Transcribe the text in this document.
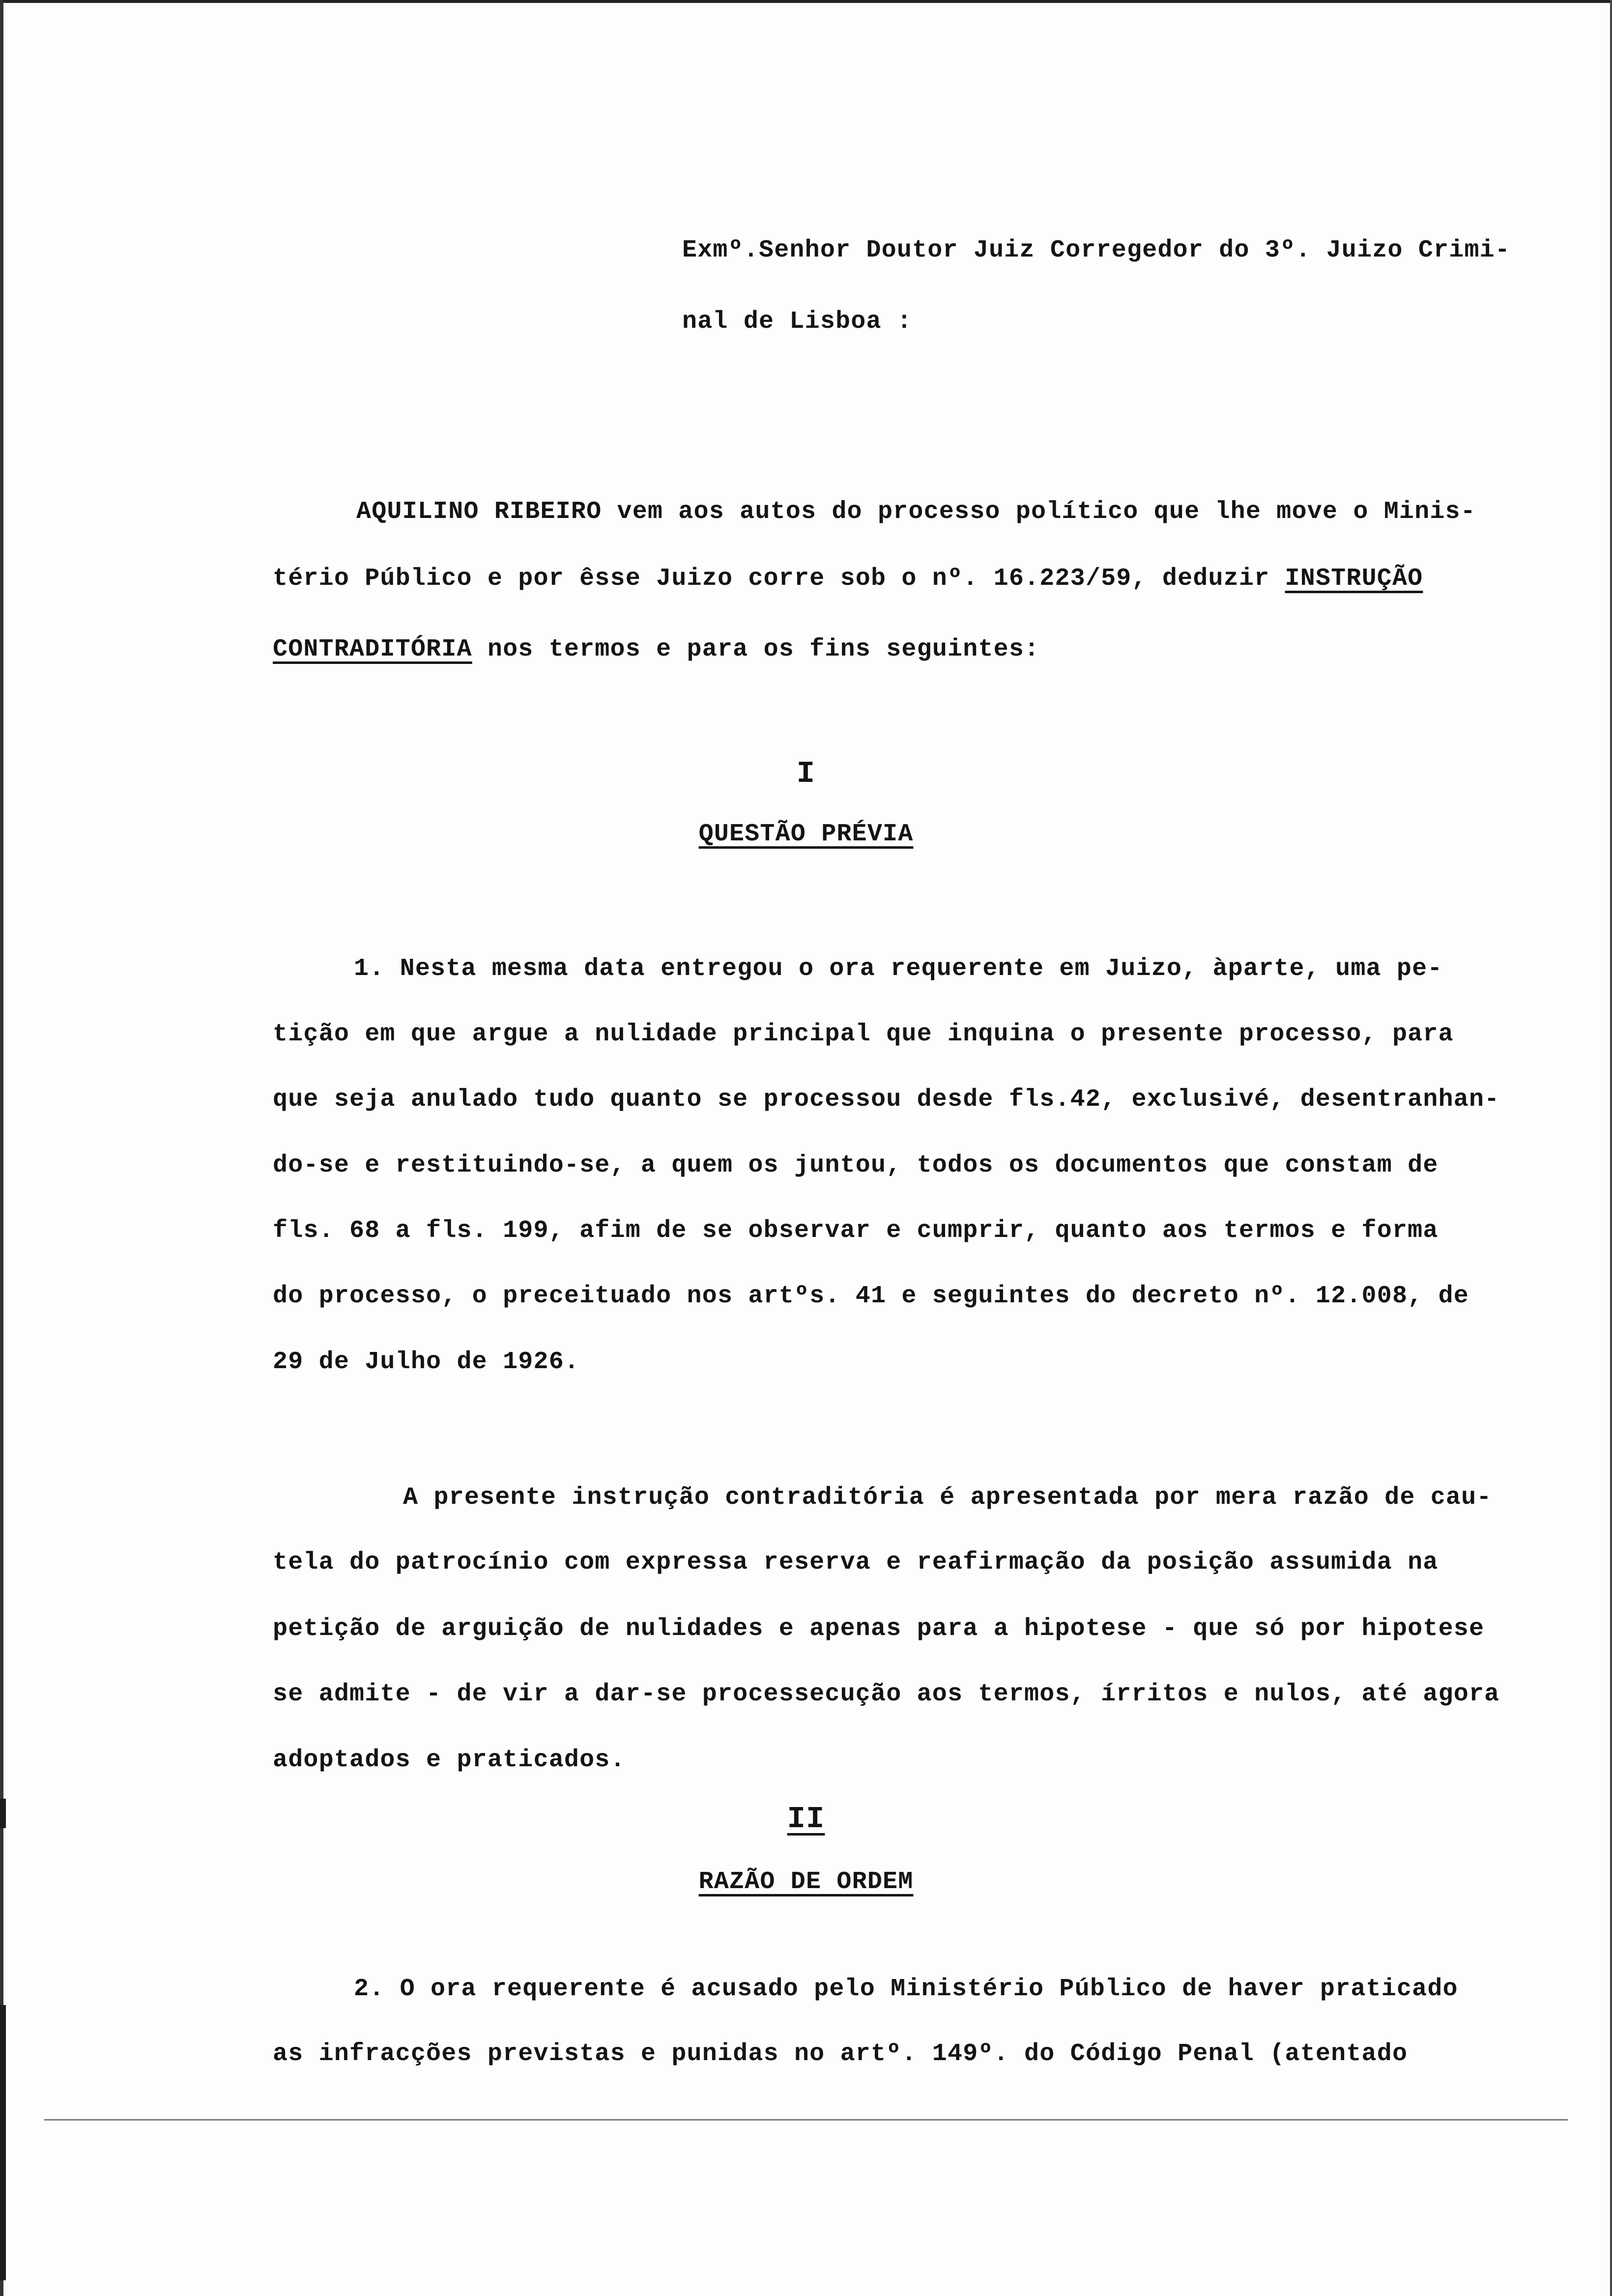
Exmº.Senhor Doutor Juiz Corregedor do 3º. Juizo Crimi-
nal de Lisboa :
AQUILINO RIBEIRO vem aos autos do processo político que lhe move o Minis-
tério Público e por êsse Juizo corre sob o nº. 16.223/59, deduzir INSTRUÇÃO
CONTRADITÓRIA nos termos e para os fins seguintes:
I
QUESTÃO PRÉVIA
1. Nesta mesma data entregou o ora requerente em Juizo, àparte, uma pe-
tição em que argue a nulidade principal que inquina o presente processo, para
que seja anulado tudo quanto se processou desde fls.42, exclusivé, desentranhan-
do-se e restituindo-se, a quem os juntou, todos os documentos que constam de
fls. 68 a fls. 199, afim de se observar e cumprir, quanto aos termos e forma
do processo, o preceituado nos artºs. 41 e seguintes do decreto nº. 12.008, de
29 de Julho de 1926.
A presente instrução contraditória é apresentada por mera razão de cau-
tela do patrocínio com expressa reserva e reafirmação da posição assumida na
petição de arguição de nulidades e apenas para a hipotese - que só por hipotese
se admite - de vir a dar-se processecução aos termos, írritos e nulos, até agora
adoptados e praticados.
II
RAZÃO DE ORDEM
2. O ora requerente é acusado pelo Ministério Público de haver praticado
as infracções previstas e punidas no artº. 149º. do Código Penal (atentado
